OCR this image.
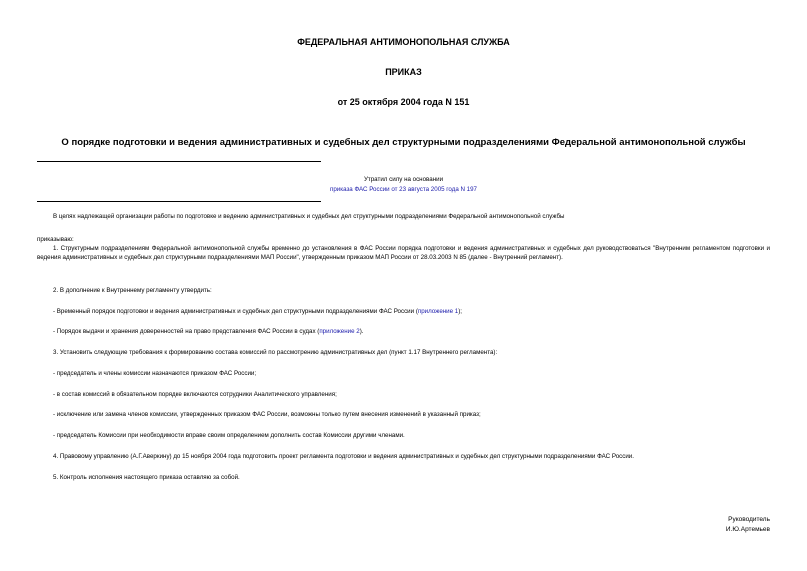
ФЕДЕРАЛЬНАЯ АНТИМОНОПОЛЬНАЯ СЛУЖБА
ПРИКАЗ
от 25 октября 2004 года N 151
О порядке подготовки и ведения административных и судебных дел структурными подразделениями Федеральной антимонопольной службы
Утратил силу на основании
приказа ФАС России от 23 августа 2005 года N 197
В целях надлежащей организации работы по подготовке и ведению административных и судебных дел структурными подразделениями Федеральной антимонопольной службы
приказываю:
1. Структурным подразделениям Федеральной антимонопольной службы временно до установления в ФАС России порядка подготовки и ведения административных и судебных дел руководствоваться "Внутренним регламентом подготовки и ведения административных и судебных дел структурными подразделениями МАП России", утвержденным приказом МАП России от 28.03.2003 N 85 (далее - Внутренний регламент).
2. В дополнение к Внутреннему регламенту утвердить:
- Временный порядок подготовки и ведения административных и судебных дел структурными подразделениями ФАС России (приложение 1);
- Порядок выдачи и хранения доверенностей на право представления ФАС России в судах (приложение 2).
3. Установить следующие требования к формированию состава комиссий по рассмотрению административных дел (пункт 1.17 Внутреннего регламента):
- председатель и члены комиссии назначаются приказом ФАС России;
- в состав комиссий в обязательном порядке включаются сотрудники Аналитического управления;
- исключение или замена членов комиссии, утвержденных приказом ФАС России, возможны только путем внесения изменений в указанный приказ;
- председатель Комиссии при необходимости вправе своим определением дополнить состав Комиссии другими членами.
4. Правовому управлению (А.Г.Аверкину) до 15 ноября 2004 года подготовить проект регламента подготовки и ведения административных и судебных дел структурными подразделениями ФАС России.
5. Контроль исполнения настоящего приказа оставляю за собой.
Руководитель
И.Ю.Артемьев
